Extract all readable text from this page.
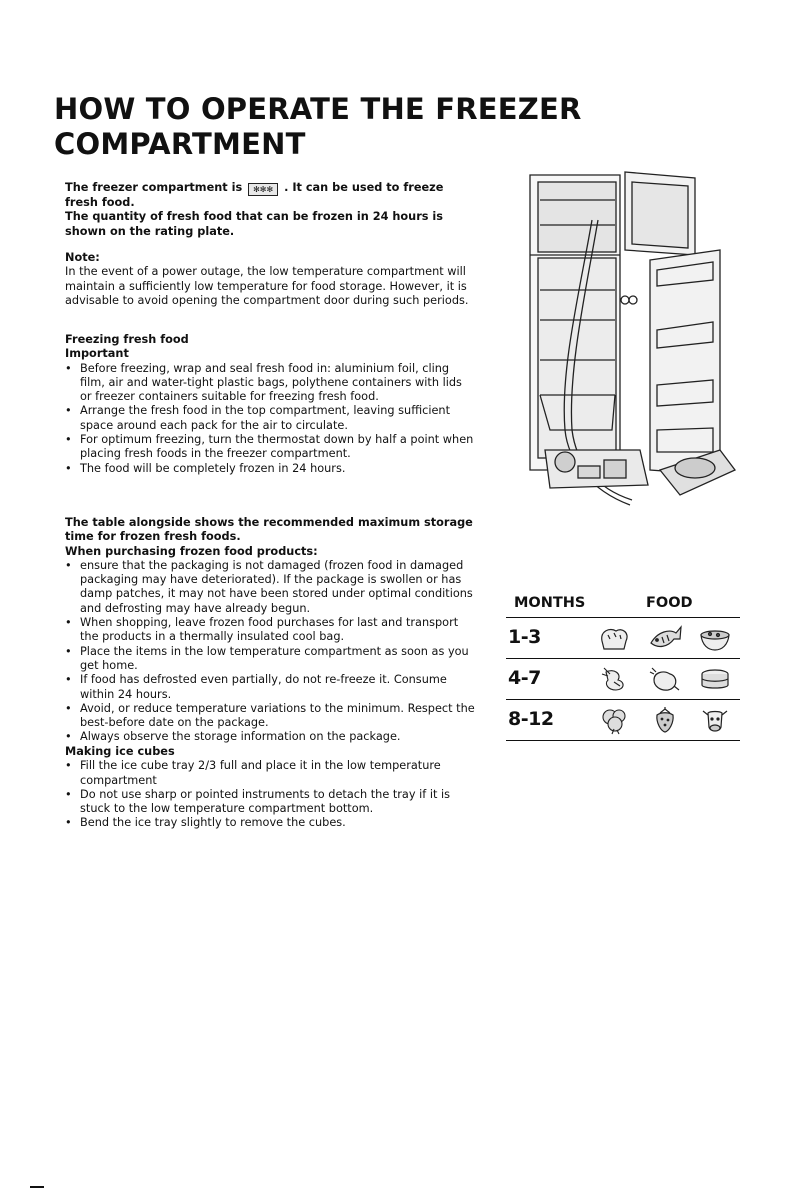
HOW TO OPERATE THE FREEZER COMPARTMENT

The freezer compartment is ✻✻✻ . It can be used to freeze fresh food.

The quantity of fresh food that can be frozen in 24 hours is shown on the rating plate.

Note:

In the event of a power outage, the low temperature compartment will maintain a sufficiently low temperature for food storage. However, it is advisable to avoid opening the compartment door during such periods.

Freezing fresh food

Important

• Before freezing, wrap and seal fresh food in: aluminium foil, cling film, air and water-tight plastic bags, polythene containers with lids or freezer containers suitable for freezing fresh food.
• Arrange the fresh food in the top compartment, leaving sufficient space around each pack for the air to circulate.
• For optimum freezing, turn the thermostat down by half a point when placing fresh foods in the freezer compartment.
• The food will be completely frozen in 24 hours.

The table alongside shows the recommended maximum storage time for frozen fresh foods.

When purchasing frozen food products:

• ensure that the packaging is not damaged (frozen food in damaged packaging may have deteriorated). If the package is swollen or has damp patches, it may not have been stored under optimal conditions and defrosting may have already begun.
• When shopping, leave frozen food purchases for last and transport the products in a thermally insulated cool bag.
• Place the items in the low temperature compartment as soon as you get home.
• If food has defrosted even partially, do not re-freeze it. Consume within 24 hours.
• Avoid, or reduce temperature variations to the minimum. Respect the best-before date on the package.
• Always observe the storage information on the package.

Making ice cubes

• Fill the ice cube tray 2/3 full and place it in the low temperature compartment
• Do not use sharp or pointed instruments to detach the tray if it is stuck to the low temperature compartment bottom.
• Bend the ice tray slightly to remove the cubes.
MONTHS	FOOD
1-3
4-7
8-12
